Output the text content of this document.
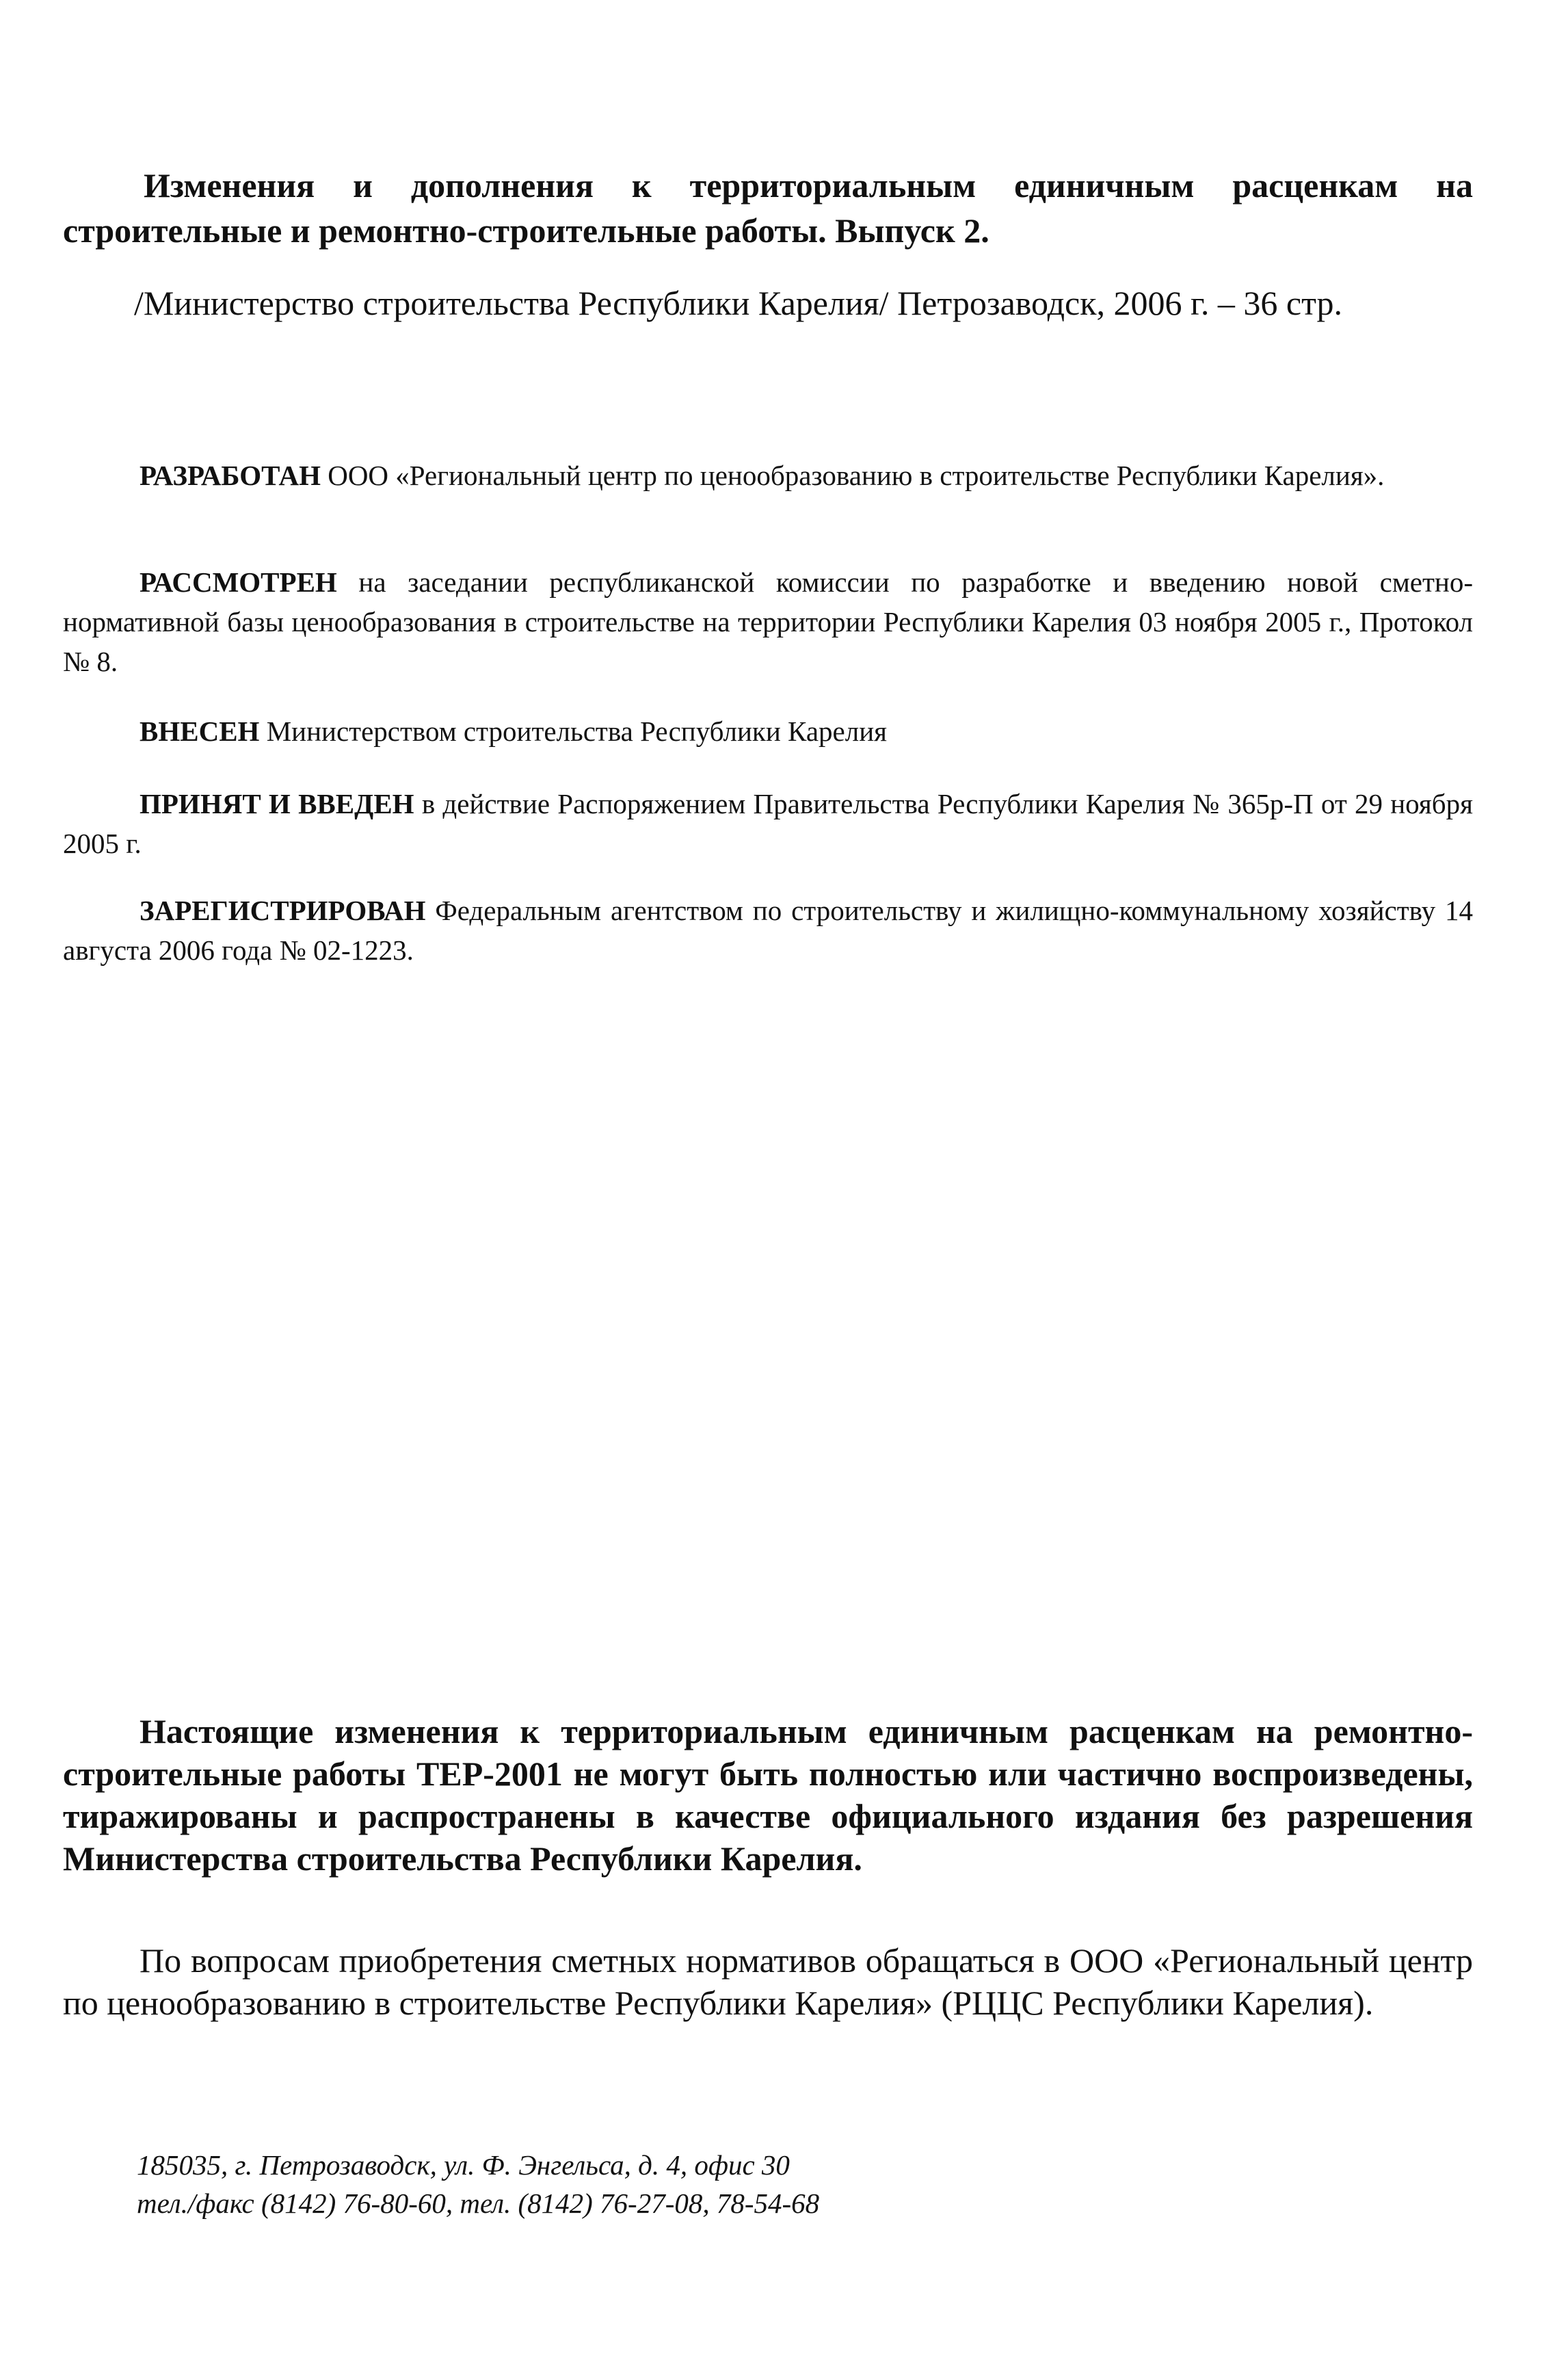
Изменения и дополнения к территориальным единичным расценкам на строительные и ремонтно-строительные работы. Выпуск 2.
/Министерство строительства Республики Карелия/ Петрозаводск, 2006 г. – 36 стр.
РАЗРАБОТАН ООО «Региональный центр по ценообразованию в строительстве Республики Карелия».
РАССМОТРЕН на заседании республиканской комиссии по разработке и введению новой сметно-нормативной базы ценообразования в строительстве на территории Республики Карелия 03 ноября 2005 г., Протокол № 8.
ВНЕСЕН Министерством строительства Республики Карелия
ПРИНЯТ И ВВЕДЕН в действие Распоряжением Правительства Республики Карелия № 365р-П от 29 ноября 2005 г.
ЗАРЕГИСТРИРОВАН Федеральным агентством по строительству и жилищно-коммунальному хозяйству 14 августа 2006 года № 02-1223.
Настоящие изменения к территориальным единичным расценкам на ремонтно-строительные работы ТЕР-2001 не могут быть полностью или частично воспроизведены, тиражированы и распространены в качестве официального издания без разрешения Министерства строительства Республики Карелия.
По вопросам приобретения сметных нормативов обращаться в ООО «Региональный центр по ценообразованию в строительстве Республики Карелия» (РЦЦС Республики Карелия).
185035, г. Петрозаводск, ул. Ф. Энгельса, д. 4, офис 30
тел./факс (8142) 76-80-60, тел. (8142) 76-27-08, 78-54-68
